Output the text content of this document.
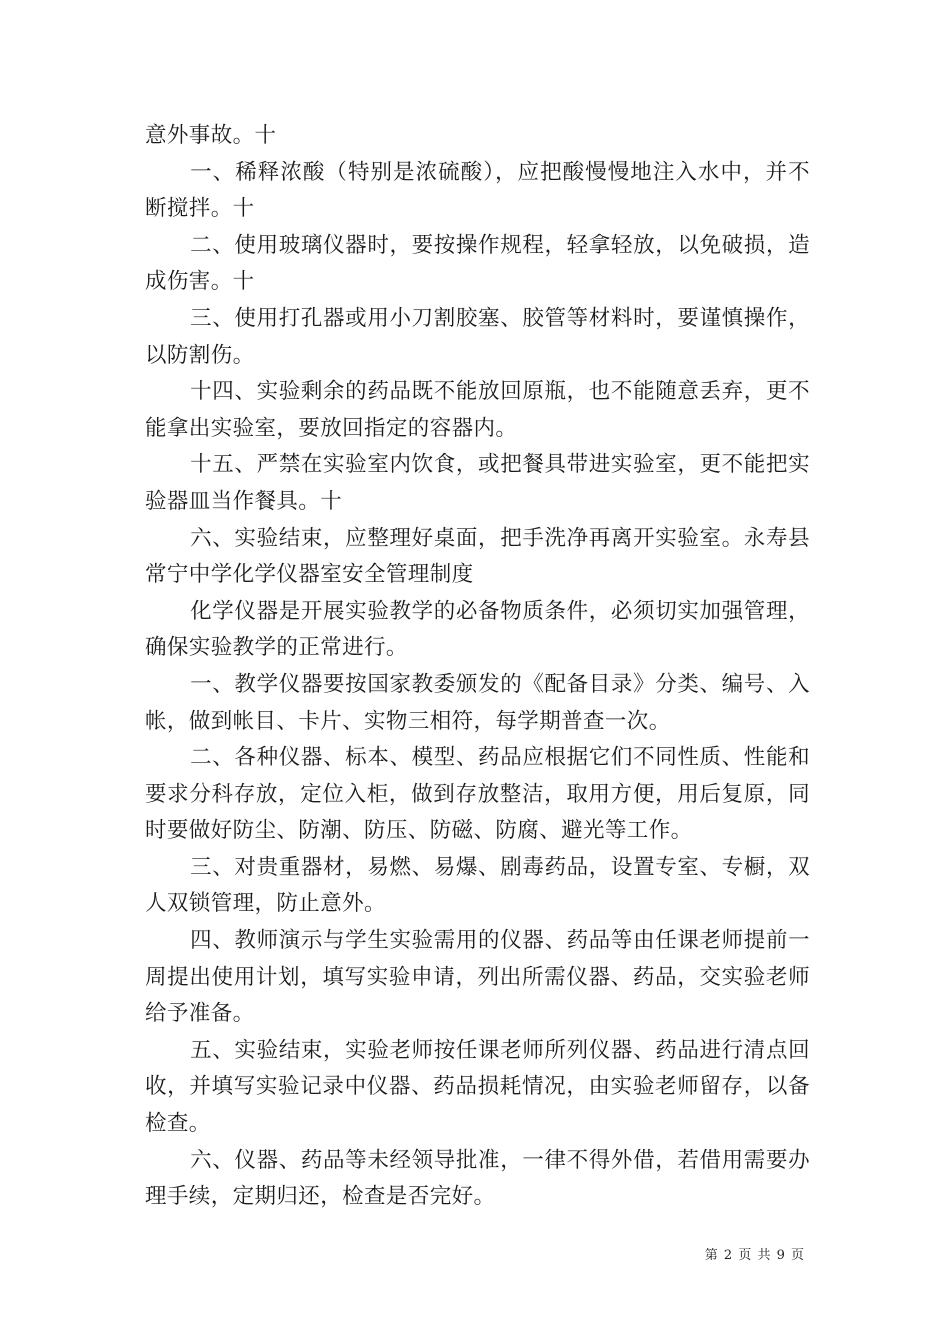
意外事故。十

一、稀释浓酸（特别是浓硫酸），应把酸慢慢地注入水中，并不断搅拌。十

二、使用玻璃仪器时，要按操作规程，轻拿轻放，以免破损，造成伤害。十

三、使用打孔器或用小刀割胶塞、胶管等材料时，要谨慎操作，以防割伤。

十四、实验剩余的药品既不能放回原瓶，也不能随意丢弃，更不能拿出实验室，要放回指定的容器内。

十五、严禁在实验室内饮食，或把餐具带进实验室，更不能把实验器皿当作餐具。十

六、实验结束，应整理好桌面，把手洗净再离开实验室。永寿县常宁中学化学仪器室安全管理制度

化学仪器是开展实验教学的必备物质条件，必须切实加强管理，确保实验教学的正常进行。

一、教学仪器要按国家教委颁发的《配备目录》分类、编号、入帐，做到帐目、卡片、实物三相符，每学期普查一次。

二、各种仪器、标本、模型、药品应根据它们不同性质、性能和要求分科存放，定位入柜，做到存放整洁，取用方便，用后复原，同时要做好防尘、防潮、防压、防磁、防腐、避光等工作。

三、对贵重器材，易燃、易爆、剧毒药品，设置专室、专橱，双人双锁管理，防止意外。

四、教师演示与学生实验需用的仪器、药品等由任课老师提前一周提出使用计划，填写实验申请，列出所需仪器、药品，交实验老师给予准备。

五、实验结束，实验老师按任课老师所列仪器、药品进行清点回收，并填写实验记录中仪器、药品损耗情况，由实验老师留存，以备检查。

六、仪器、药品等未经领导批准，一律不得外借，若借用需要办理手续，定期归还，检查是否完好。

第 2 页 共 9 页
